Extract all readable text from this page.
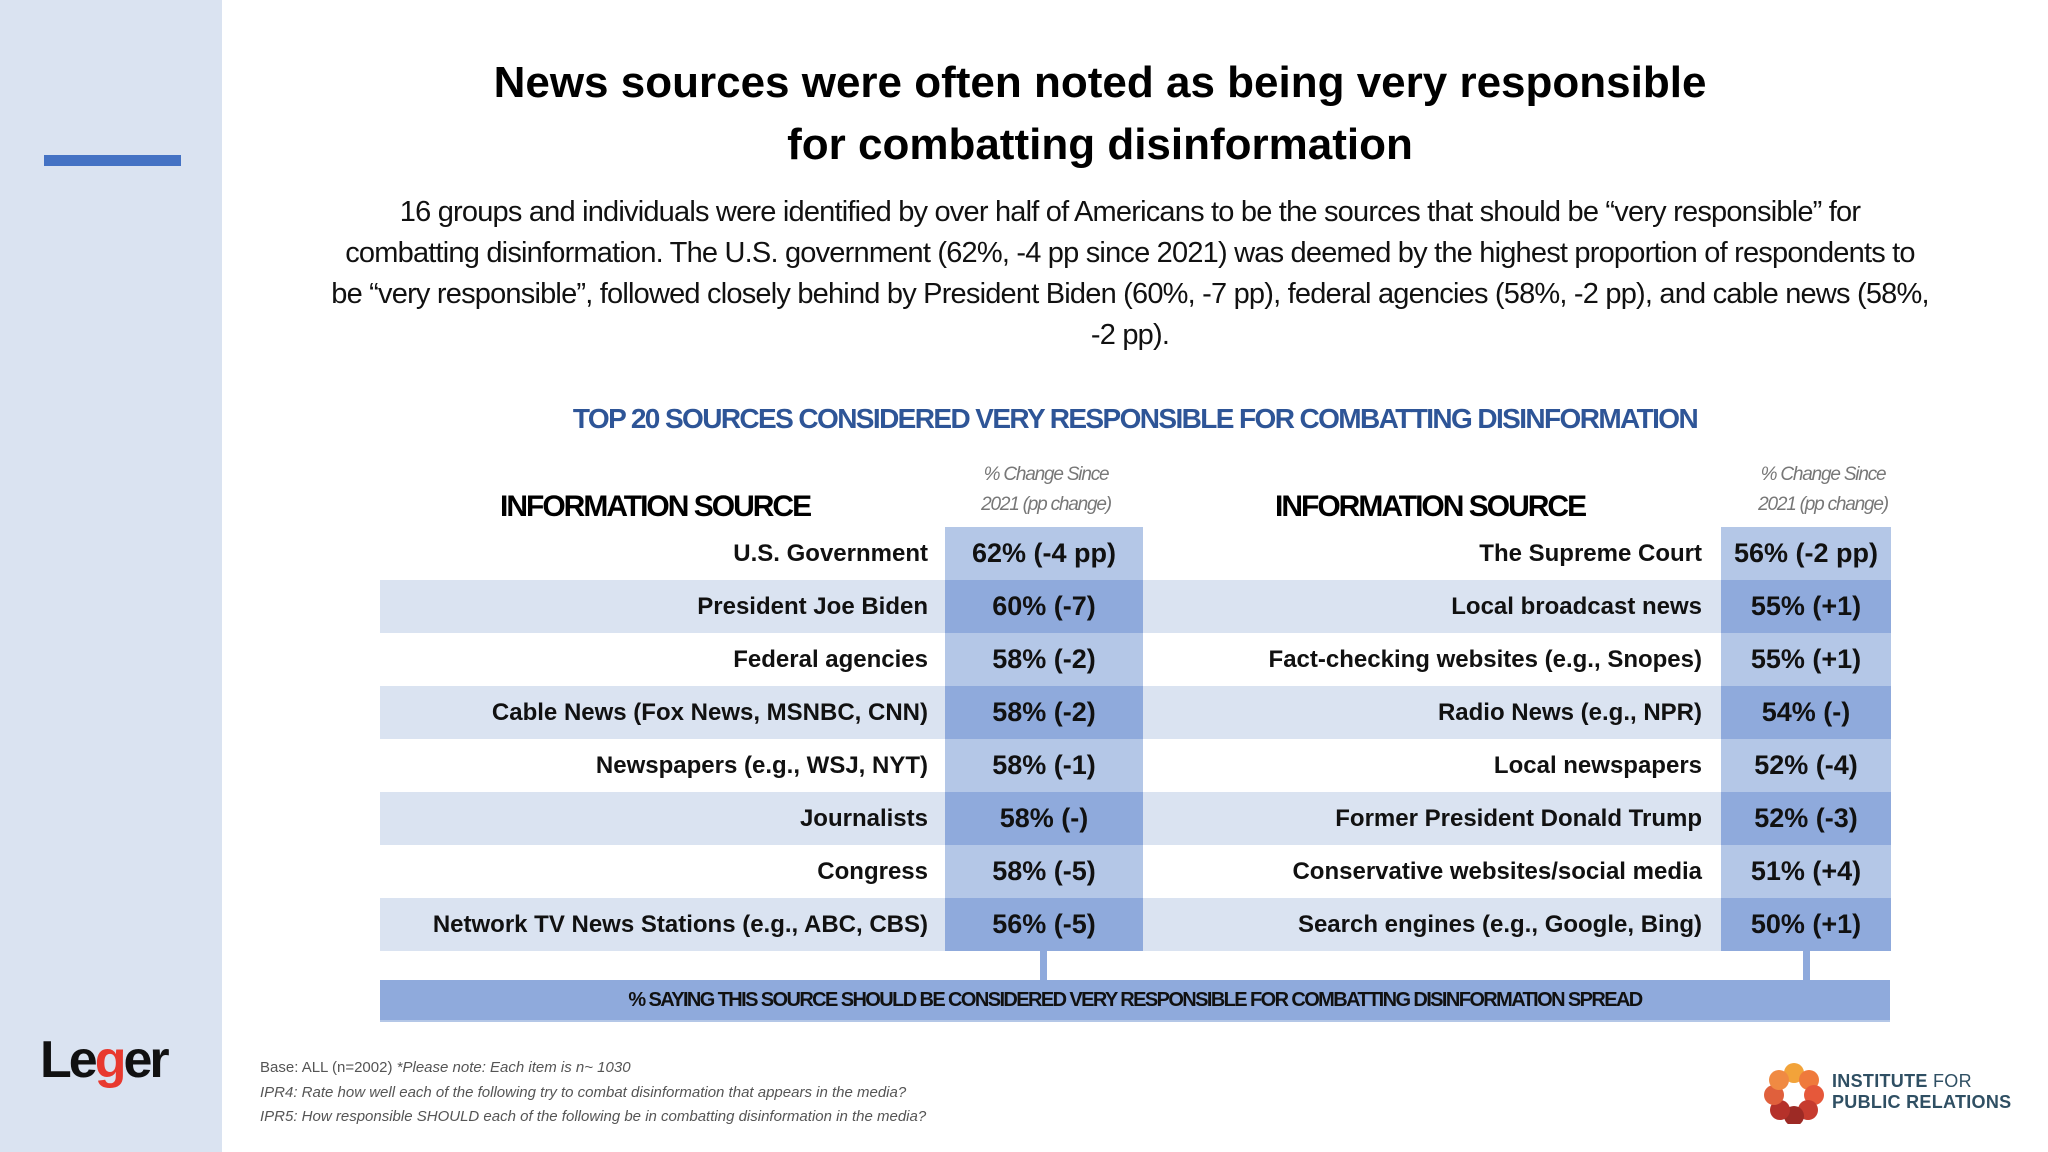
Leger
News sources were often noted as being very responsible
for combatting disinformation
16 groups and individuals were identified by over half of Americans to be the sources that should be “very responsible” for combatting disinformation. The U.S. government (62%, -4 pp since 2021) was deemed by the highest proportion of respondents to be “very responsible”, followed closely behind by President Biden (60%, -7 pp), federal agencies (58%, -2 pp), and cable news (58%, -2 pp).
TOP 20 SOURCES CONSIDERED VERY RESPONSIBLE FOR COMBATTING DISINFORMATION
INFORMATION SOURCE
% Change Since
2021 (pp change)	INFORMATION SOURCE
% Change Since
2021 (pp change)
U.S. Government
President Joe Biden
Federal agencies
Cable News (Fox News, MSNBC, CNN)
Newspapers (e.g., WSJ, NYT)
Journalists
Congress
Network TV News Stations (e.g., ABC, CBS)
62% (-4 pp)
60% (-7)
58% (-2)
58% (-2)
58% (-1)
58% (-)
58% (-5)
56% (-5)
The Supreme Court
Local broadcast news
Fact-checking websites (e.g., Snopes)
Radio News (e.g., NPR)
Local newspapers
Former President Donald Trump
Conservative websites/social media
Search engines (e.g., Google, Bing)
56% (-2 pp)
55% (+1)
55% (+1)
54% (-)
52% (-4)
52% (-3)
51% (+4)
50% (+1)
% SAYING THIS SOURCE SHOULD BE CONSIDERED VERY RESPONSIBLE FOR COMBATTING DISINFORMATION SPREAD
Base: ALL (n=2002) *Please note: Each item is n~ 1030
IPR4: Rate how well each of the following try to combat disinformation that appears in the media?
IPR5: How responsible SHOULD each of the following be in combatting disinformation in the media?
INSTITUTE FOR
PUBLIC RELATIONS
